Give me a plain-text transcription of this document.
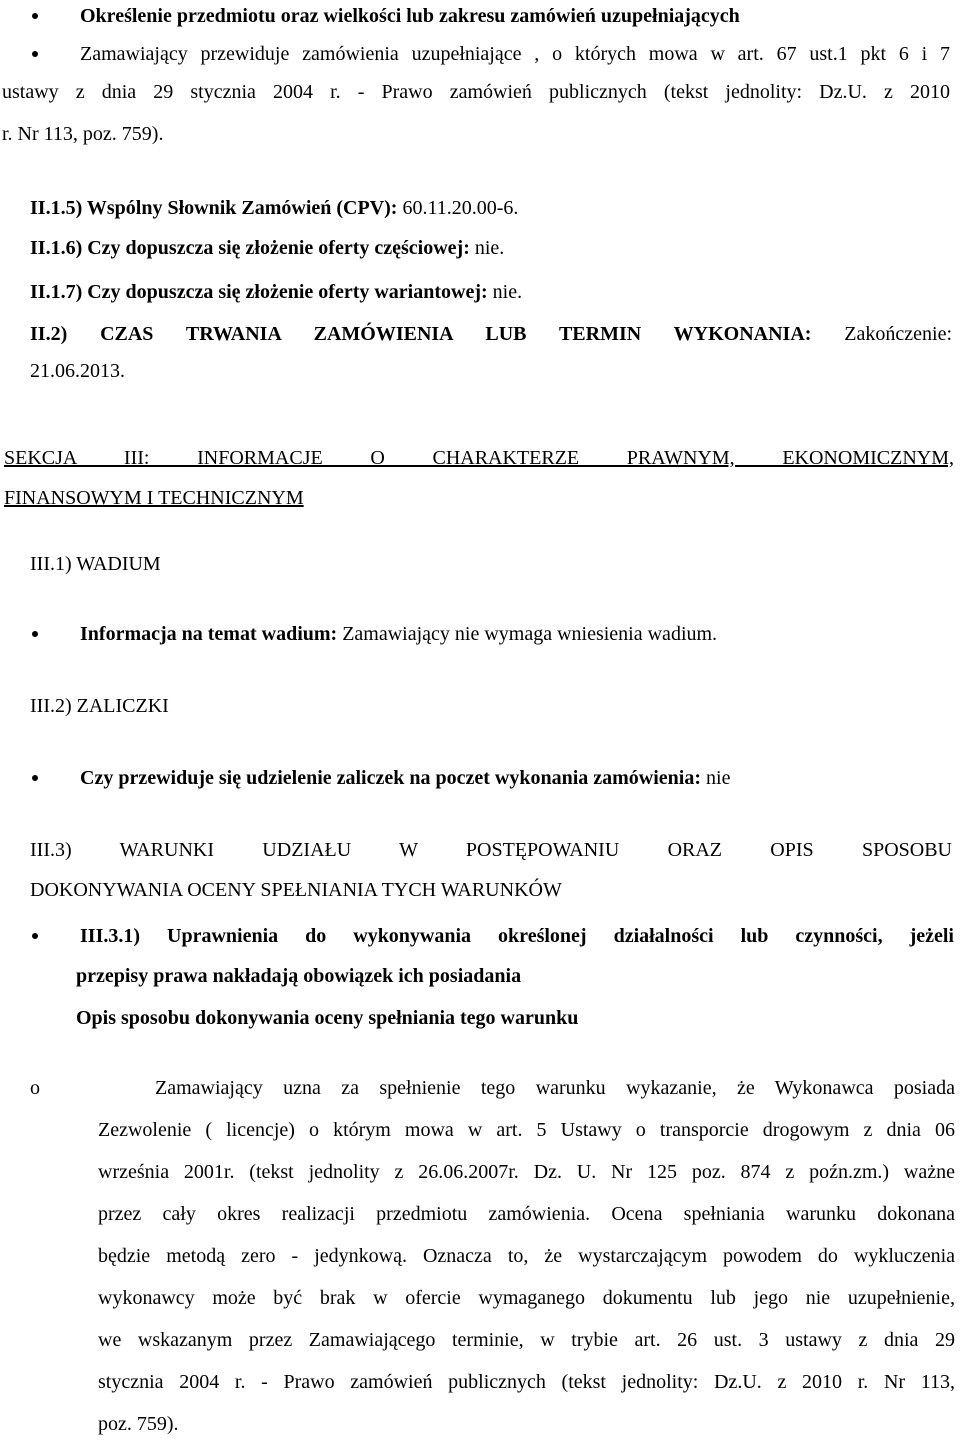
Określenie przedmiotu oraz wielkości lub zakresu zamówień uzupełniających
Zamawiający przewiduje zamówienia uzupełniające , o których mowa w art. 67 ust.1 pkt 6 i 7
ustawy z dnia 29 stycznia 2004 r. - Prawo zamówień publicznych (tekst jednolity: Dz.U. z 2010
r. Nr 113, poz. 759).
II.1.5) Wspólny Słownik Zamówień (CPV): 60.11.20.00-6.
II.1.6) Czy dopuszcza się złożenie oferty częściowej: nie.
II.1.7) Czy dopuszcza się złożenie oferty wariantowej: nie.
II.2) CZAS TRWANIA ZAMÓWIENIA LUB TERMIN WYKONANIA: Zakończenie:
21.06.2013.
SEKCJA III: INFORMACJE O CHARAKTERZE PRAWNYM, EKONOMICZNYM,
FINANSOWYM I TECHNICZNYM
III.1) WADIUM
Informacja na temat wadium: Zamawiający nie wymaga wniesienia wadium.
III.2) ZALICZKI
Czy przewiduje się udzielenie zaliczek na poczet wykonania zamówienia: nie
III.3) WARUNKI UDZIAŁU W POSTĘPOWANIU ORAZ OPIS SPOSOBU
DOKONYWANIA OCENY SPEŁNIANIA TYCH WARUNKÓW
III.3.1) Uprawnienia do wykonywania określonej działalności lub czynności, jeżeli
przepisy prawa nakładają obowiązek ich posiadania
Opis sposobu dokonywania oceny spełniania tego warunku
o	Zamawiający uzna za spełnienie tego warunku wykazanie, że Wykonawca posiada
Zezwolenie ( licencje) o którym mowa w art. 5 Ustawy o transporcie drogowym z dnia 06
września 2001r. (tekst jednolity z 26.06.2007r. Dz. U. Nr 125 poz. 874 z poźn.zm.) ważne
przez cały okres realizacji przedmiotu zamówienia. Ocena spełniania warunku dokonana
będzie metodą zero - jedynkową. Oznacza to, że wystarczającym powodem do wykluczenia
wykonawcy może być brak w ofercie wymaganego dokumentu lub jego nie uzupełnienie,
we wskazanym przez Zamawiającego terminie, w trybie art. 26 ust. 3 ustawy z dnia 29
stycznia 2004 r. - Prawo zamówień publicznych (tekst jednolity: Dz.U. z 2010 r. Nr 113,
poz. 759).
